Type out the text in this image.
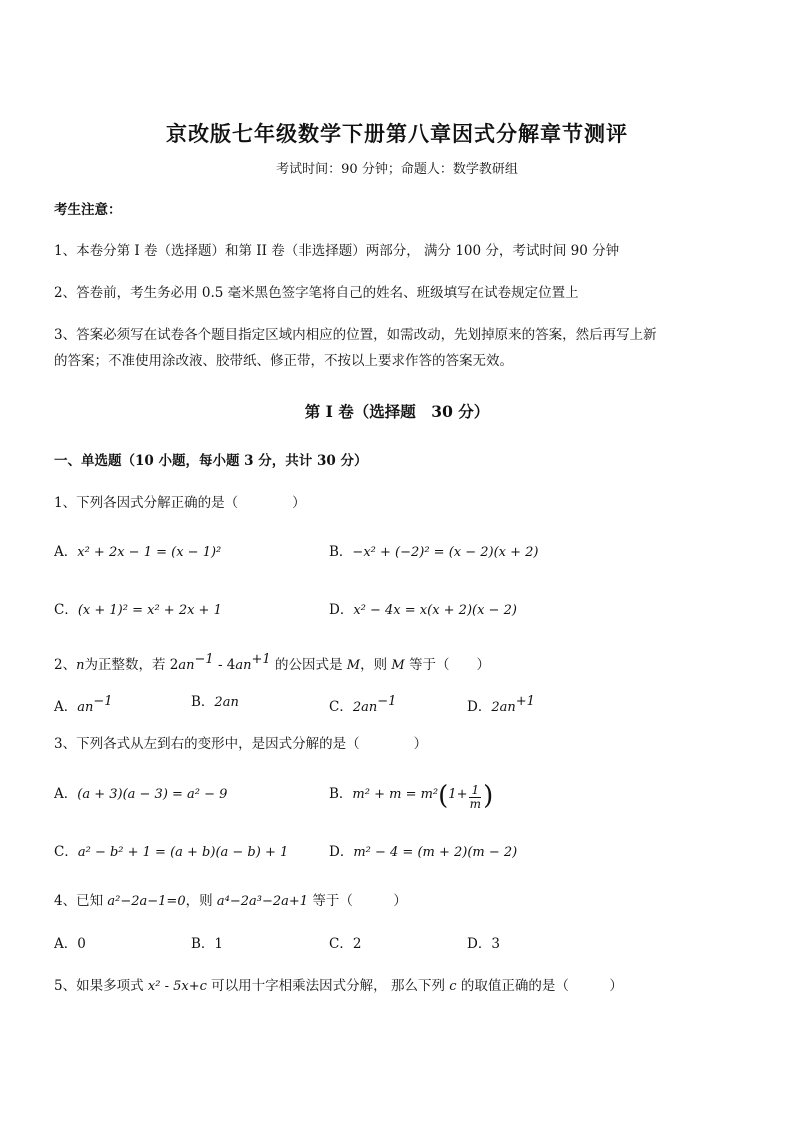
京改版七年级数学下册第八章因式分解章节测评
考试时间：90 分钟；命题人：数学教研组
考生注意：
1、本卷分第 I 卷（选择题）和第 II 卷（非选择题）两部分， 满分 100 分，考试时间 90 分钟
2、答卷前，考生务必用 0.5 毫米黑色签字笔将自己的姓名、班级填写在试卷规定位置上
3、答案必须写在试卷各个题目指定区域内相应的位置，如需改动，先划掉原来的答案，然后再写上新
的答案；不准使用涂改液、胶带纸、修正带，不按以上要求作答的答案无效。
第 I 卷（选择题　30 分）
一、单选题（10 小题，每小题 3 分，共计 30 分）
1、下列各因式分解正确的是（　　　　）
A．x² + 2x − 1 = (x − 1)²	B．−x² + (−2)² = (x − 2)(x + 2)
C．(x + 1)² = x² + 2x + 1	D．x² − 4x = x(x + 2)(x − 2)
2、n为正整数，若 $2an^{-1} - 4an^{+1}$ 的公因式是 M，则 M 等于（　　）
A．$an^{-1}$	B．2an	C．$2an^{-1}$	D．$2an^{+1}$
3、下列各式从左到右的变形中，是因式分解的是（　　　　）
A．(a + 3)(a − 3) = a² − 9	B．$m^2 + m = m^2(1+ \frac{1}{m}$ )
C．a² − b² + 1 = (a + b)(a − b) + 1	D．m² − 4 = (m + 2)(m − 2)
4、已知 a²−2a−1=0，则 a⁴−2a³−2a+1 等于（　　　）
A．0	B．1	C．2	D．3
5、如果多项式 x² - 5x+c 可以用十字相乘法因式分解， 那么下列 c 的取值正确的是（　　　）
